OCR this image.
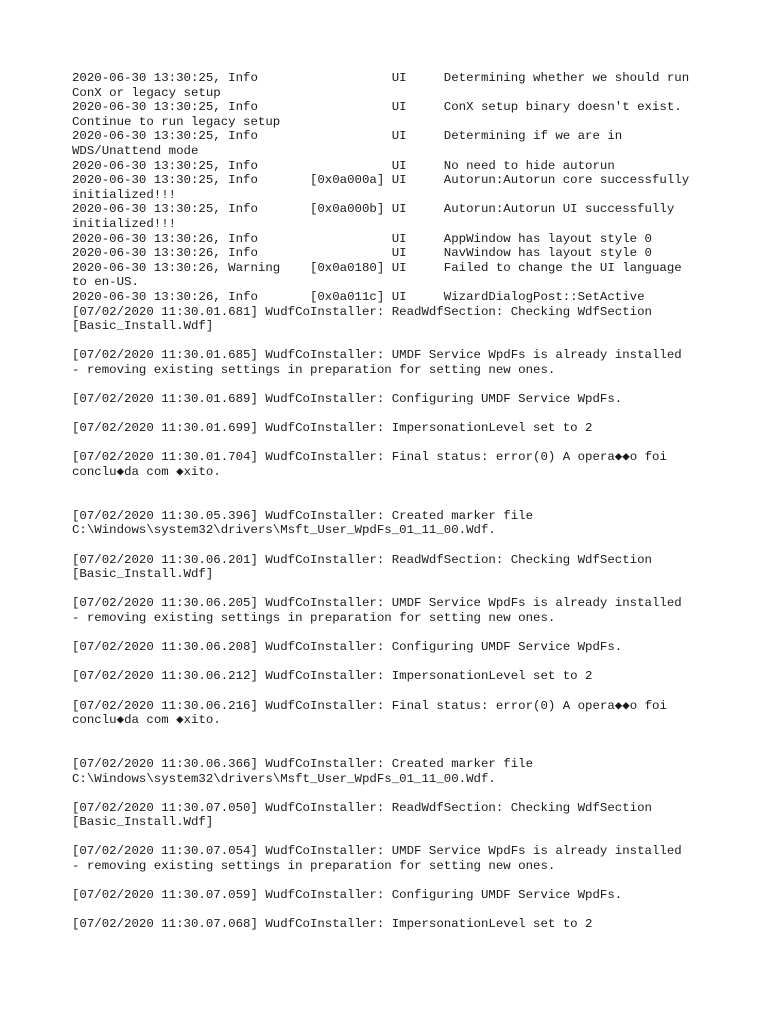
2020-06-30 13:30:25, Info                  UI     Determining whether we should run
ConX or legacy setup
2020-06-30 13:30:25, Info                  UI     ConX setup binary doesn't exist.
Continue to run legacy setup
2020-06-30 13:30:25, Info                  UI     Determining if we are in
WDS/Unattend mode
2020-06-30 13:30:25, Info                  UI     No need to hide autorun
2020-06-30 13:30:25, Info       [0x0a000a] UI     Autorun:Autorun core successfully
initialized!!!
2020-06-30 13:30:25, Info       [0x0a000b] UI     Autorun:Autorun UI successfully
initialized!!!
2020-06-30 13:30:26, Info                  UI     AppWindow has layout style 0
2020-06-30 13:30:26, Info                  UI     NavWindow has layout style 0
2020-06-30 13:30:26, Warning    [0x0a0180] UI     Failed to change the UI language
to en-US.
2020-06-30 13:30:26, Info       [0x0a011c] UI     WizardDialogPost::SetActive
[07/02/2020 11:30.01.681] WudfCoInstaller: ReadWdfSection: Checking WdfSection
[Basic_Install.Wdf]
[07/02/2020 11:30.01.685] WudfCoInstaller: UMDF Service WpdFs is already installed
- removing existing settings in preparation for setting new ones.
[07/02/2020 11:30.01.689] WudfCoInstaller: Configuring UMDF Service WpdFs.
[07/02/2020 11:30.01.699] WudfCoInstaller: ImpersonationLevel set to 2
[07/02/2020 11:30.01.704] WudfCoInstaller: Final status: error(0) A opera◆◆o foi
conclu◆da com ◆xito.
[07/02/2020 11:30.05.396] WudfCoInstaller: Created marker file
C:\Windows\system32\drivers\Msft_User_WpdFs_01_11_00.Wdf.
[07/02/2020 11:30.06.201] WudfCoInstaller: ReadWdfSection: Checking WdfSection
[Basic_Install.Wdf]
[07/02/2020 11:30.06.205] WudfCoInstaller: UMDF Service WpdFs is already installed
- removing existing settings in preparation for setting new ones.
[07/02/2020 11:30.06.208] WudfCoInstaller: Configuring UMDF Service WpdFs.
[07/02/2020 11:30.06.212] WudfCoInstaller: ImpersonationLevel set to 2
[07/02/2020 11:30.06.216] WudfCoInstaller: Final status: error(0) A opera◆◆o foi
conclu◆da com ◆xito.
[07/02/2020 11:30.06.366] WudfCoInstaller: Created marker file
C:\Windows\system32\drivers\Msft_User_WpdFs_01_11_00.Wdf.
[07/02/2020 11:30.07.050] WudfCoInstaller: ReadWdfSection: Checking WdfSection
[Basic_Install.Wdf]
[07/02/2020 11:30.07.054] WudfCoInstaller: UMDF Service WpdFs is already installed
- removing existing settings in preparation for setting new ones.
[07/02/2020 11:30.07.059] WudfCoInstaller: Configuring UMDF Service WpdFs.
[07/02/2020 11:30.07.068] WudfCoInstaller: ImpersonationLevel set to 2
